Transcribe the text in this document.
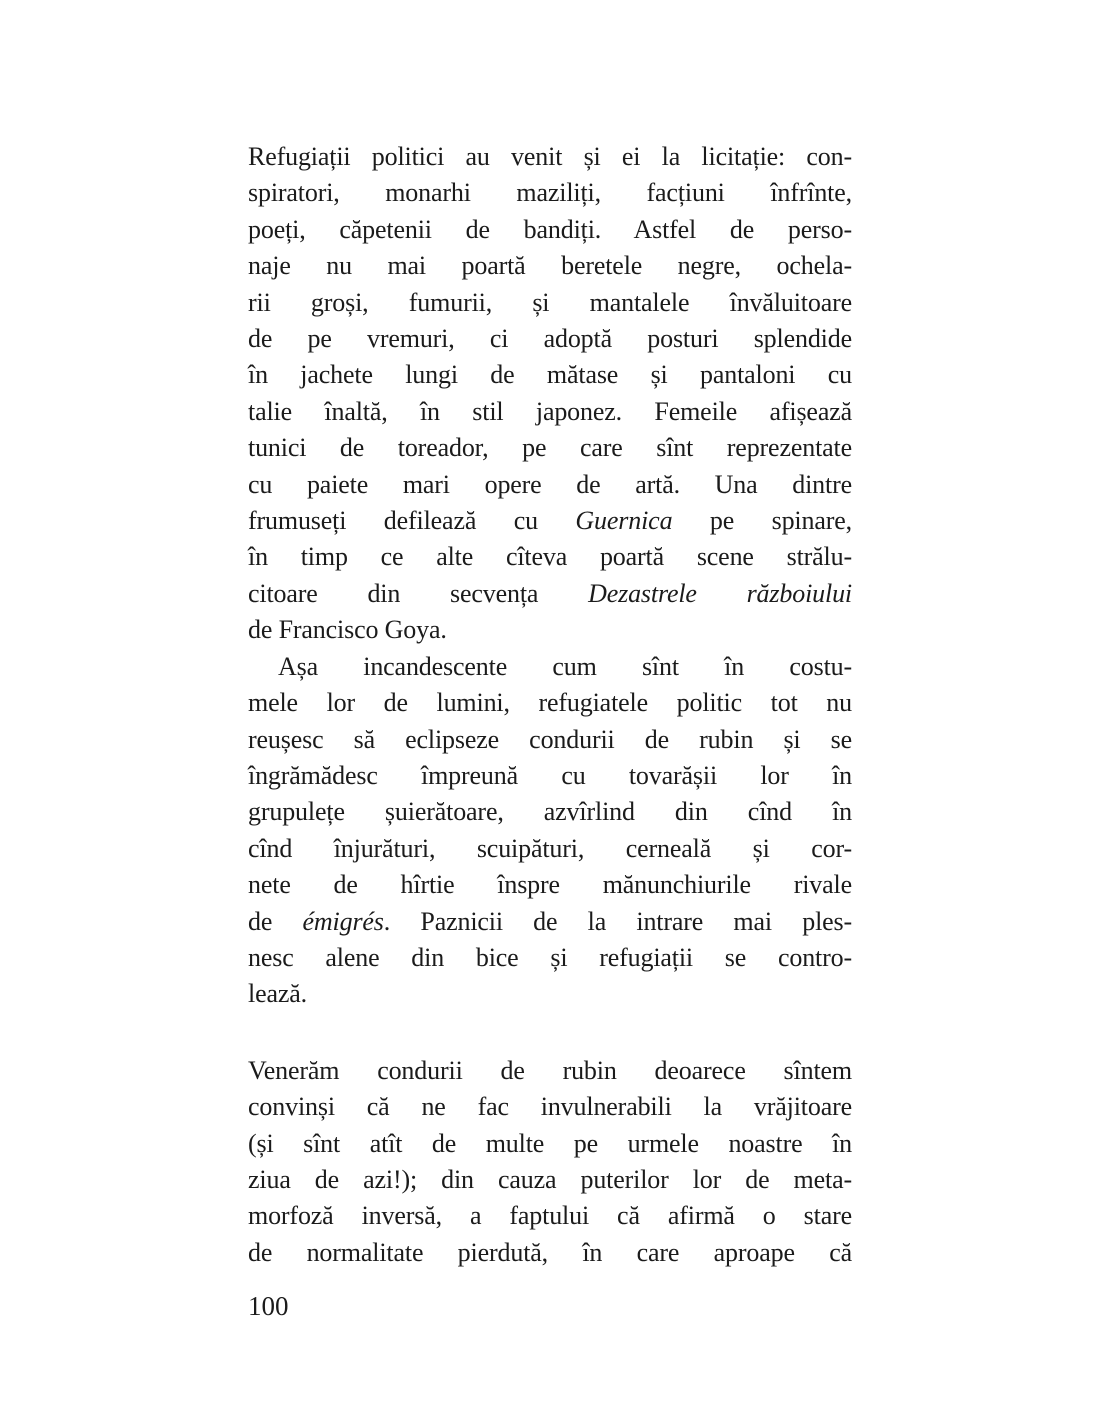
Refugiații politici au venit și ei la licitație: con-
spiratori, monarhi maziliți, facțiuni înfrînte,
poeți, căpetenii de bandiți. Astfel de perso-
naje nu mai poartă beretele negre, ochela-
rii groși, fumurii, și mantalele învăluitoare
de pe vremuri, ci adoptă posturi splendide
în jachete lungi de mătase și pantaloni cu
talie înaltă, în stil japonez. Femeile afișează
tunici de toreador, pe care sînt reprezentate
cu paiete mari opere de artă. Una dintre
frumuseți defilează cu Guernica pe spinare,
în timp ce alte cîteva poartă scene strălu-
citoare din secvența Dezastrele războiului
de Francisco Goya.
Așa incandescente cum sînt în costu-
mele lor de lumini, refugiatele politic tot nu
reușesc să eclipseze condurii de rubin și se
îngrămădesc împreună cu tovarășii lor în
grupulețe șuierătoare, azvîrlind din cînd în
cînd înjurături, scuipături, cerneală și cor-
nete de hîrtie înspre mănunchiurile rivale
de émigrés. Paznicii de la intrare mai ples-
nesc alene din bice și refugiații se contro-
lează.
Venerăm condurii de rubin deoarece sîntem
convinși că ne fac invulnerabili la vrăjitoare
(și sînt atît de multe pe urmele noastre în
ziua de azi!); din cauza puterilor lor de meta-
morfoză inversă, a faptului că afirmă o stare
de normalitate pierdută, în care aproape că
100
